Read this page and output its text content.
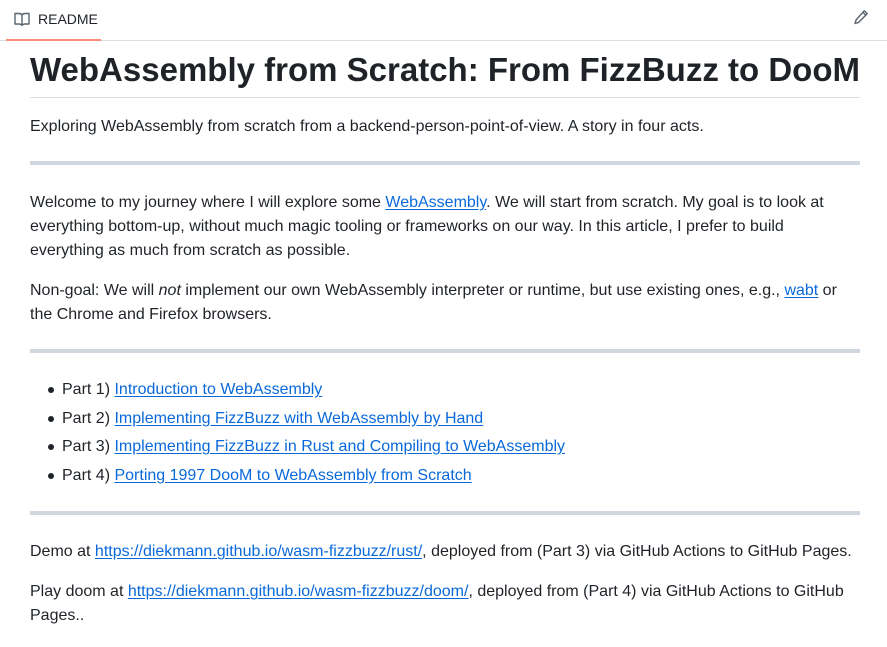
README
WebAssembly from Scratch: From FizzBuzz to DooM

Exploring WebAssembly from scratch from a backend-person-point-of-view. A story in four acts.

Welcome to my journey where I will explore some WebAssembly. We will start from scratch. My goal is to look at everything bottom-up, without much magic tooling or frameworks on our way. In this article, I prefer to build everything as much from scratch as possible.

Non-goal: We will not implement our own WebAssembly interpreter or runtime, but use existing ones, e.g., wabt or the Chrome and Firefox browsers.

Part 1) Introduction to WebAssembly
Part 2) Implementing FizzBuzz with WebAssembly by Hand
Part 3) Implementing FizzBuzz in Rust and Compiling to WebAssembly
Part 4) Porting 1997 DooM to WebAssembly from Scratch

Demo at https://diekmann.github.io/wasm-fizzbuzz/rust/, deployed from (Part 3) via GitHub Actions to GitHub Pages.

Play doom at https://diekmann.github.io/wasm-fizzbuzz/doom/, deployed from (Part 4) via GitHub Actions to GitHub Pages..
